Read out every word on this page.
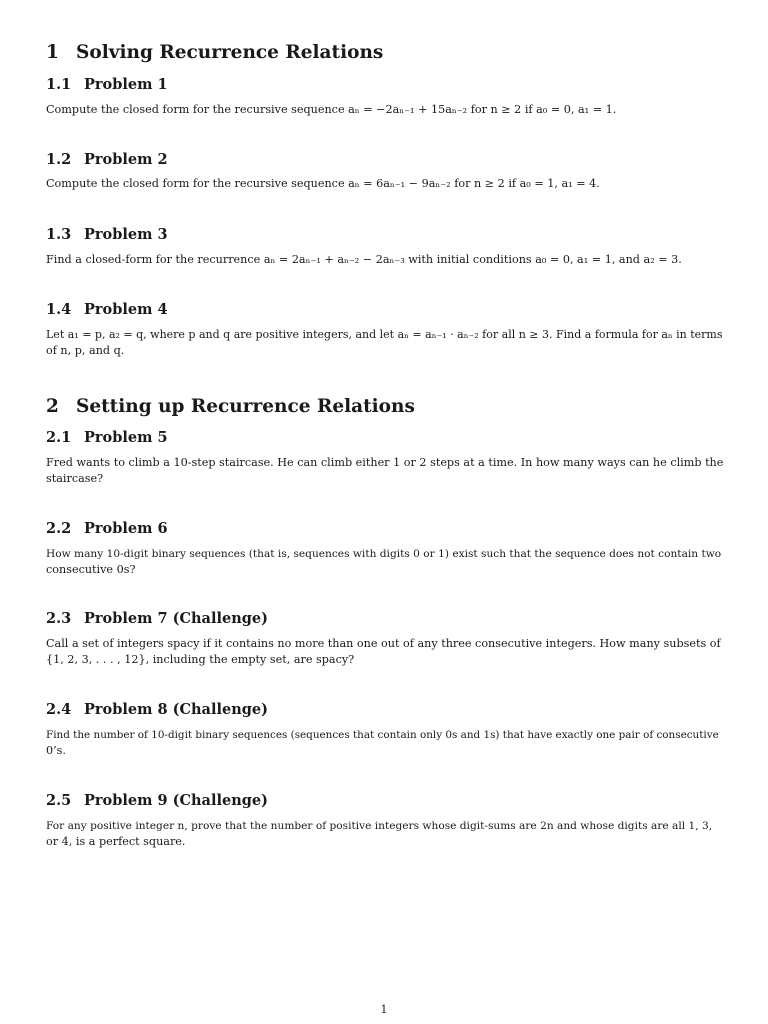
1 Solving Recurrence Relations
1.1 Problem 1

Compute the closed form for the recursive sequence aₙ = −2aₙ₋₁ + 15aₙ₋₂ for n ≥ 2 if a₀ = 0, a₁ = 1.

1.2 Problem 2

Compute the closed form for the recursive sequence aₙ = 6aₙ₋₁ − 9aₙ₋₂ for n ≥ 2 if a₀ = 1, a₁ = 4.

1.3 Problem 3

Find a closed-form for the recurrence aₙ = 2aₙ₋₁ + aₙ₋₂ − 2aₙ₋₃ with initial conditions a₀ = 0, a₁ = 1, and a₂ = 3.

1.4 Problem 4

Let a₁ = p, a₂ = q, where p and q are positive integers, and let aₙ = aₙ₋₁ · aₙ₋₂ for all n ≥ 3. Find a formula for aₙ in terms
of n, p, and q.

2 Setting up Recurrence Relations
2.1 Problem 5

Fred wants to climb a 10-step staircase. He can climb either 1 or 2 steps at a time. In how many ways can he climb the
staircase?

2.2 Problem 6

How many 10-digit binary sequences (that is, sequences with digits 0 or 1) exist such that the sequence does not contain two
consecutive 0s?

2.3 Problem 7 (Challenge)

Call a set of integers spacy if it contains no more than one out of any three consecutive integers. How many subsets of
{1, 2, 3, . . . , 12}, including the empty set, are spacy?

2.4 Problem 8 (Challenge)

Find the number of 10-digit binary sequences (sequences that contain only 0s and 1s) that have exactly one pair of consecutive
0’s.

2.5 Problem 9 (Challenge)

For any positive integer n, prove that the number of positive integers whose digit-sums are 2n and whose digits are all 1, 3,
or 4, is a perfect square.

1
